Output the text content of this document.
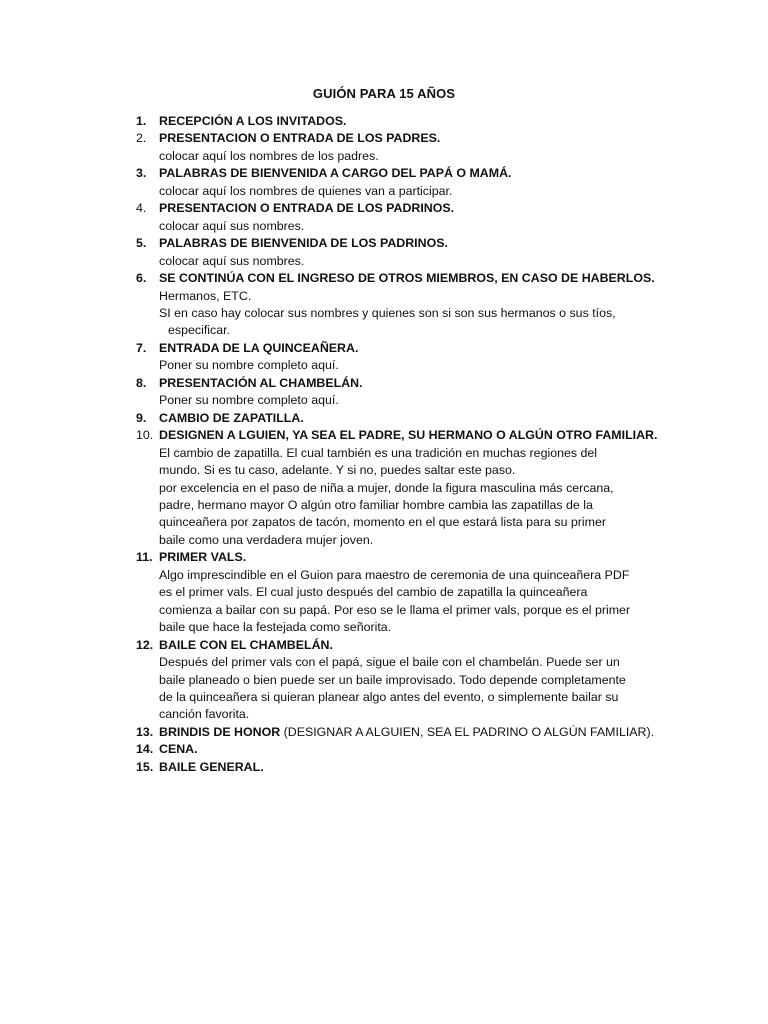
GUIÓN PARA 15 AÑOS
1. RECEPCIÓN A LOS INVITADOS.
2. PRESENTACION O ENTRADA DE LOS PADRES.
colocar aquí los nombres de los padres.
3. PALABRAS DE BIENVENIDA A CARGO DEL PAPÁ O MAMÁ.
colocar aquí los nombres de quienes van a participar.
4. PRESENTACION O ENTRADA DE LOS PADRINOS.
colocar aquí sus nombres.
5. PALABRAS DE BIENVENIDA DE LOS PADRINOS.
colocar aquí sus nombres.
6. SE CONTINÚA CON EL INGRESO DE OTROS MIEMBROS, EN CASO DE HABERLOS.
Hermanos, ETC.
SI en caso hay colocar sus nombres y quienes son si son sus hermanos o sus tíos,
especificar.
7. ENTRADA DE LA QUINCEAÑERA.
Poner su nombre completo aquí.
8. PRESENTACIÓN AL CHAMBELÁN.
Poner su nombre completo aquí.
9. CAMBIO DE ZAPATILLA.
10. DESIGNEN A LGUIEN, YA SEA EL PADRE, SU HERMANO O ALGÚN OTRO FAMILIAR.
El cambio de zapatilla. El cual también es una tradición en muchas regiones del
mundo. Si es tu caso, adelante. Y si no, puedes saltar este paso.
por excelencia en el paso de niña a mujer, donde la figura masculina más cercana,
padre, hermano mayor O algún otro familiar hombre cambia las zapatillas de la
quinceañera por zapatos de tacón, momento en el que estará lista para su primer
baile como una verdadera mujer joven.
11. PRIMER VALS.
Algo imprescindible en el Guion para maestro de ceremonia de una quinceañera PDF
es el primer vals. El cual justo después del cambio de zapatilla la quinceañera
comienza a bailar con su papá. Por eso se le llama el primer vals, porque es el primer
baile que hace la festejada como señorita.
12. BAILE CON EL CHAMBELÁN.
Después del primer vals con el papá, sigue el baile con el chambelán. Puede ser un
baile planeado o bien puede ser un baile improvisado. Todo depende completamente
de la quinceañera si quieran planear algo antes del evento, o simplemente bailar su
canción favorita.
13. BRINDIS DE HONOR (DESIGNAR A ALGUIEN, SEA EL PADRINO O ALGÚN FAMILIAR).
14. CENA.
15. BAILE GENERAL.
